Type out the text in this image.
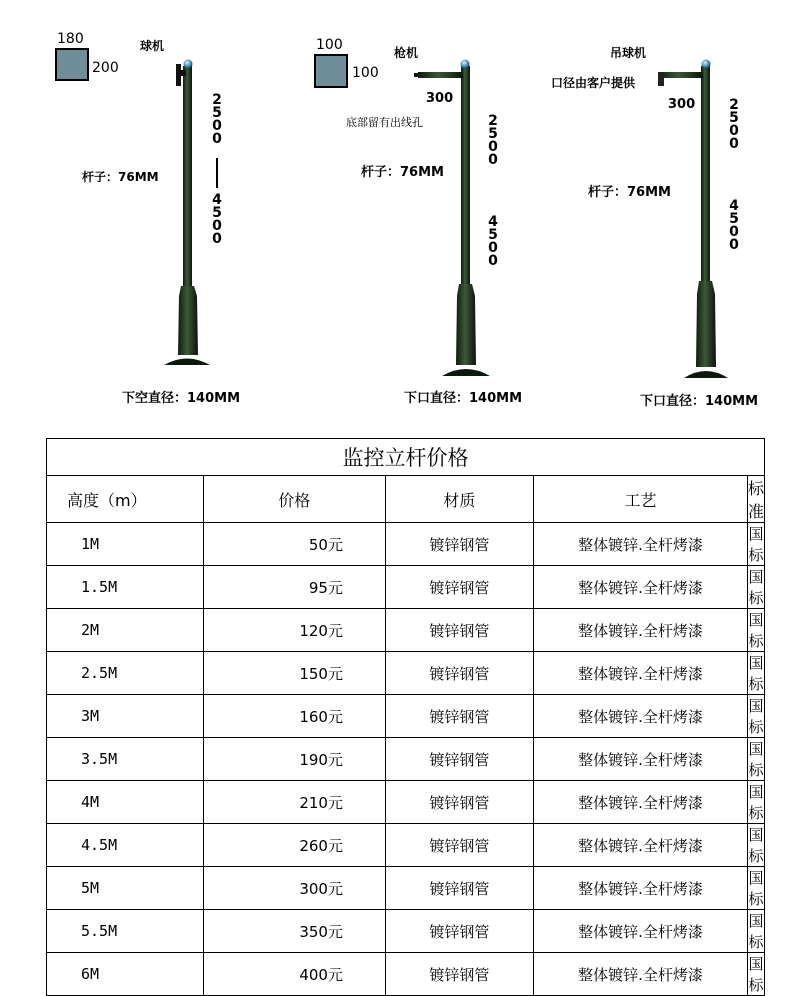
180
200
球机
2
5
0
0
4
5
0
0
杆子：76MM
下空直径：140MM
100
100
枪机
300
底部留有出线孔	2
5
0
0
4
5
0
0
杆子：76MM
下口直径：140MM
吊球机
口径由客户提供
300 2
5
0
0
4
5
0
0
杆子：76MM
下口直径：140MM
监控立杆价格				
高度（m）	价格	材质	工艺	标准
1M	50元	镀锌钢管	整体镀锌.全杆烤漆	国标
1.5M	95元	镀锌钢管	整体镀锌.全杆烤漆	国标
2M	120元	镀锌钢管	整体镀锌.全杆烤漆	国标
2.5M	150元	镀锌钢管	整体镀锌.全杆烤漆	国标
3M	160元	镀锌钢管	整体镀锌.全杆烤漆	国标
3.5M	190元	镀锌钢管	整体镀锌.全杆烤漆	国标
4M	210元	镀锌钢管	整体镀锌.全杆烤漆	国标
4.5M	260元	镀锌钢管	整体镀锌.全杆烤漆	国标
5M	300元	镀锌钢管	整体镀锌.全杆烤漆	国标
5.5M	350元	镀锌钢管	整体镀锌.全杆烤漆	国标
6M	400元	镀锌钢管	整体镀锌.全杆烤漆	国标
